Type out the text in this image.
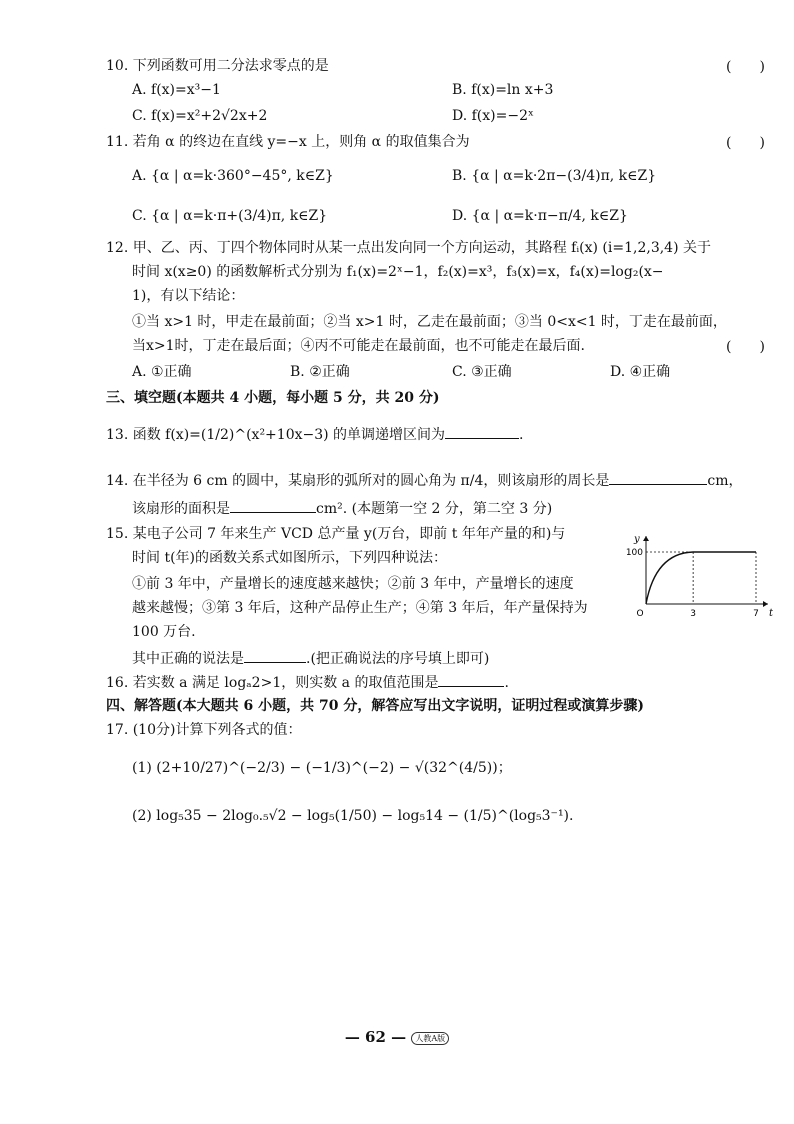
10. 下列函数可用二分法求零点的是	(　　)
A. f(x)=x³−1	B. f(x)=ln x+3
C. f(x)=x²+2√2x+2	D. f(x)=−2ˣ
11. 若角 α 的终边在直线 y=−x 上，则角 α 的取值集合为	(　　)
A. {α | α=k·360°−45°, k∈Z}	B. {α | α=k·2π−(3/4)π, k∈Z}
C. {α | α=k·π+(3/4)π, k∈Z}	D. {α | α=k·π−π/4, k∈Z}
12. 甲、乙、丙、丁四个物体同时从某一点出发向同一个方向运动，其路程 fᵢ(x) (i=1,2,3,4) 关于
时间 x(x≥0) 的函数解析式分别为 f₁(x)=2ˣ−1，f₂(x)=x³，f₃(x)=x，f₄(x)=log₂(x−
1)，有以下结论：
①当 x>1 时，甲走在最前面；②当 x>1 时，乙走在最前面；③当 0<x<1 时，丁走在最前面，
当x>1时，丁走在最后面；④丙不可能走在最前面，也不可能走在最后面.	(　　)
A. ①正确	B. ②正确	C. ③正确	D. ④正确
三、填空题(本题共 4 小题，每小题 5 分，共 20 分)
13. 函数 f(x)=(1/2)^(x²+10x−3) 的单调递增区间为	.
14. 在半径为 6 cm 的圆中，某扇形的弧所对的圆心角为 π/4，则该扇形的周长是	cm，
该扇形的面积是	cm². (本题第一空 2 分，第二空 3 分)
15. 某电子公司 7 年来生产 VCD 总产量 y(万台，即前 t 年年产量的和)与
时间 t(年)的函数关系式如图所示，下列四种说法：
①前 3 年中，产量增长的速度越来越快；②前 3 年中，产量增长的速度
越来越慢；③第 3 年后，这种产品停止生产；④第 3 年后，年产量保持为
100 万台.
其中正确的说法是	.(把正确说法的序号填上即可)
t
y
O	3	7
100
16. 若实数 a 满足 logₐ2>1，则实数 a 的取值范围是	.
四、解答题(本大题共 6 小题，共 70 分，解答应写出文字说明，证明过程或演算步骤)
17. (10分)计算下列各式的值：
(1) (2+10/27)^(−2/3) − (−1/3)^(−2) − √(32^(4/5))；
(2) log₅35 − 2log₀.₅√2 − log₅(1/50) − log₅14 − (1/5)^(log₅3⁻¹).
— 62 — 人教A版
